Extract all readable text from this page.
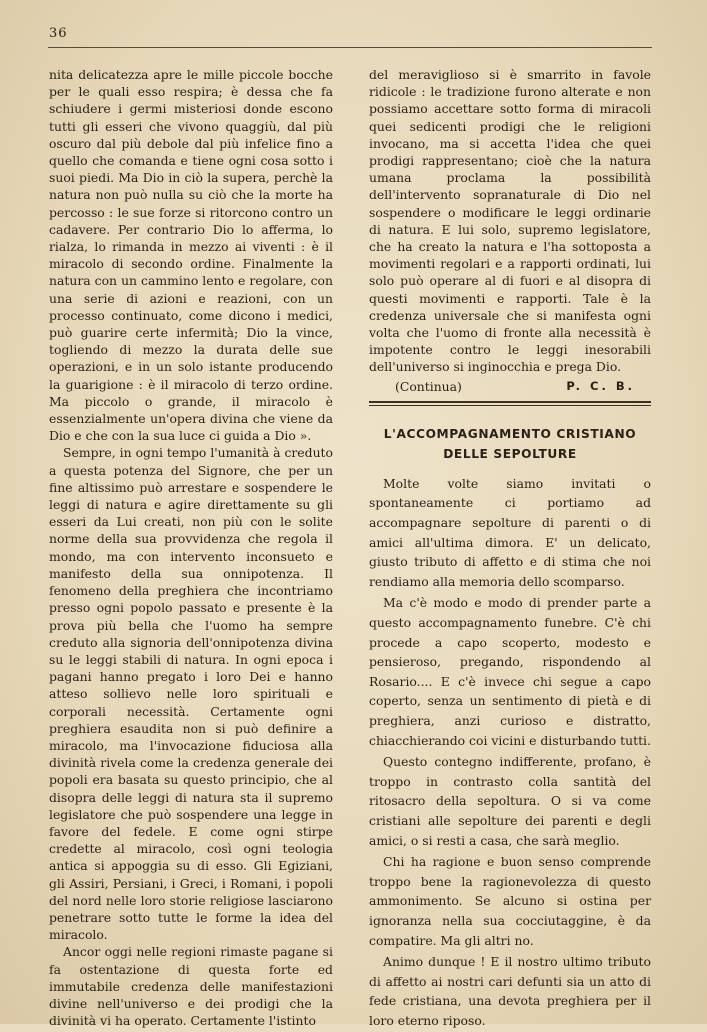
36

nita delicatezza apre le mille piccole bocche per le quali esso respira; è dessa che fa schiudere i germi misteriosi donde escono tutti gli esseri che vivono quaggiù, dal più oscuro dal più debole dal più infelice fino a quello che comanda e tiene ogni cosa sotto i suoi piedi. Ma Dio in ciò la supera, perchè la natura non può nulla su ciò che la morte ha percosso : le sue forze si ritorcono contro un cadavere. Per contrario Dio lo afferma, lo rialza, lo rimanda in mezzo ai viventi : è il miracolo di secondo ordine. Finalmente la natura con un cammino lento e regolare, con una serie di azioni e reazioni, con un processo continuato, come dicono i medici, può guarire certe infermità; Dio la vince, togliendo di mezzo la durata delle sue operazioni, e in un solo istante producendo la guarigione : è il miracolo di terzo ordine. Ma piccolo o grande, il miracolo è essenzialmente un'opera divina che viene da Dio e che con la sua luce ci guida a Dio ».

Sempre, in ogni tempo l'umanità à creduto a questa potenza del Signore, che per un fine altissimo può arrestare e sospendere le leggi di natura e agire direttamente su gli esseri da Lui creati, non più con le solite norme della sua provvidenza che regola il mondo, ma con intervento inconsueto e manifesto della sua onnipotenza. Il fenomeno della preghiera che incontriamo presso ogni popolo passato e presente è la prova più bella che l'uomo ha sempre creduto alla signoria dell'onnipotenza divina su le leggi stabili di natura. In ogni epoca i pagani hanno pregato i loro Dei e hanno atteso sollievo nelle loro spirituali e corporali necessità. Certamente ogni preghiera esaudita non si può definire a miracolo, ma l'invocazione fiduciosa alla divinità rivela come la credenza generale dei popoli era basata su questo principio, che al disopra delle leggi di natura sta il supremo legislatore che può sospendere una legge in favore del fedele. E come ogni stirpe credette al miracolo, così ogni teologia antica si appoggia su di esso. Gli Egiziani, gli Assiri, Persiani, i Greci, i Romani, i popoli del nord nelle loro storie religiose lasciarono penetrare sotto tutte le forme la idea del miracolo.

Ancor oggi nelle regioni rimaste pagane si fa ostentazione di questa forte ed immutabile credenza delle manifestazioni divine nell'universo e dei prodigi che la divinità vi ha operato. Certamente l'istinto

del meraviglioso si è smarrito in favole ridicole : le tradizione furono alterate e non possiamo accettare sotto forma di miracoli quei sedicenti prodigi che le religioni invocano, ma si accetta l'idea che quei prodigi rappresentano; cioè che la natura umana proclama la possibilità dell'intervento sopranaturale di Dio nel sospendere o modificare le leggi ordinarie di natura. E lui solo, supremo legislatore, che ha creato la natura e l'ha sottoposta a movimenti regolari e a rapporti ordinati, lui solo può operare al di fuori e al disopra di questi movimenti e rapporti. Tale è la credenza universale che si manifesta ogni volta che l'uomo di fronte alla necessità è impotente contro le leggi inesorabili dell'universo si inginocchia e prega Dio.

(Continua)	P. C. B.
L'ACCOMPAGNAMENTO CRISTIANO
DELLE SEPOLTURE

Molte volte siamo invitati o spontaneamente ci portiamo ad accompagnare sepolture di parenti o di amici all'ultima dimora. E' un delicato, giusto tributo di affetto e di stima che noi rendiamo alla memoria dello scomparso.

Ma c'è modo e modo di prender parte a questo accompagnamento funebre. C'è chi procede a capo scoperto, modesto e pensieroso, pregando, rispondendo al Rosario.... E c'è invece chi segue a capo coperto, senza un sentimento di pietà e di preghiera, anzi curioso e distratto, chiacchierando coi vicini e disturbando tutti.

Questo contegno indifferente, profano, è troppo in contrasto colla santità del ritosacro della sepoltura. O si va come cristiani alle sepolture dei parenti e degli amici, o si resti a casa, che sarà meglio.

Chi ha ragione e buon senso comprende troppo bene la ragionevolezza di questo ammonimento. Se alcuno si ostina per ignoranza nella sua cocciutaggine, è da compatire. Ma gli altri no.

Animo dunque ! E il nostro ultimo tributo di affetto ai nostri cari defunti sia un atto di fede cristiana, una devota preghiera per il loro eterno riposo.
